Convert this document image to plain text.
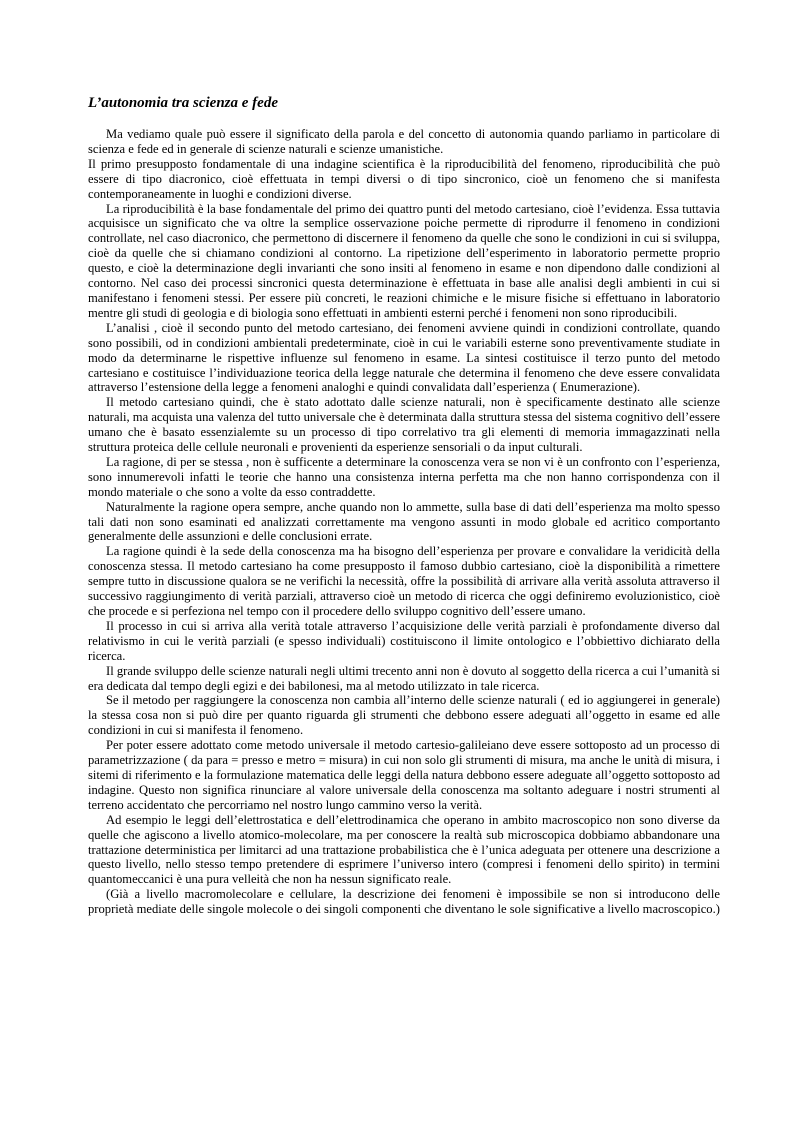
L’autonomia tra scienza e fede

Ma vediamo quale può essere il significato della parola e del concetto di autonomia quando parliamo in particolare di scienza e fede ed in generale di scienze naturali e scienze umanistiche.

Il primo presupposto fondamentale di una indagine scientifica è la riproducibilità del fenomeno, riproducibilità che può essere di tipo diacronico, cioè effettuata in tempi diversi o di tipo sincronico, cioè un fenomeno che si manifesta contemporaneamente in luoghi e condizioni diverse.

La riproducibilità è la base fondamentale del primo dei quattro punti del metodo cartesiano, cioè l’evidenza. Essa tuttavia acquisisce un significato che va oltre la semplice osservazione poiche permette di riprodurre il fenomeno in condizioni controllate, nel caso diacronico, che permettono di discernere il fenomeno da quelle che sono le condizioni in cui si sviluppa, cioè da quelle che si chiamano condizioni al contorno. La ripetizione dell’esperimento in laboratorio permette proprio questo, e cioè la determinazione degli invarianti che sono insiti al fenomeno in esame e non dipendono dalle condizioni al contorno. Nel caso dei processi sincronici questa determinazione è effettuata in base alle analisi degli ambienti in cui si manifestano i fenomeni stessi. Per essere più concreti, le reazioni chimiche e le misure fisiche si effettuano in laboratorio mentre gli studi di geologia e di biologia sono effettuati in ambienti esterni perché i fenomeni non sono riproducibili.

L’analisi , cioè il secondo punto del metodo cartesiano, dei fenomeni avviene quindi in condizioni controllate, quando sono possibili, od in condizioni ambientali predeterminate, cioè in cui le variabili esterne sono preventivamente studiate in modo da determinarne le rispettive influenze sul fenomeno in esame. La sintesi costituisce il terzo punto del metodo cartesiano e costituisce l’individuazione teorica della legge naturale che determina il fenomeno che deve essere convalidata attraverso l’estensione della legge a fenomeni analoghi e quindi convalidata dall’esperienza ( Enumerazione).

Il metodo cartesiano quindi, che è stato adottato dalle scienze naturali, non è specificamente destinato alle scienze naturali, ma acquista una valenza del tutto universale che è determinata dalla struttura stessa del sistema cognitivo dell’essere umano che è basato essenzialemte su un processo di tipo correlativo tra gli elementi di memoria immagazzinati nella struttura proteica delle cellule neuronali e provenienti da esperienze sensoriali o da input culturali.

La ragione, di per se stessa , non è sufficente a determinare la conoscenza vera se non vi è un confronto con l’esperienza, sono innumerevoli infatti le teorie che hanno una consistenza interna perfetta ma che non hanno corrispondenza con il mondo materiale o che sono a volte da esso contraddette.

Naturalmente la ragione opera sempre, anche quando non lo ammette, sulla base di dati dell’esperienza ma molto spesso tali dati non sono esaminati ed analizzati correttamente ma vengono assunti in modo globale ed acritico comportanto generalmente delle assunzioni e delle conclusioni errate.

La ragione quindi è la sede della conoscenza ma ha bisogno dell’esperienza per provare e convalidare la veridicità della conoscenza stessa. Il metodo cartesiano ha come presupposto il famoso dubbio cartesiano, cioè la disponibilità a rimettere sempre tutto in discussione qualora se ne verifichi la necessità, offre la possibilità di arrivare alla verità assoluta attraverso il successivo raggiungimento di verità parziali, attraverso cioè un metodo di ricerca che oggi definiremo evoluzionistico, cioè che procede e si perfeziona nel tempo con il procedere dello sviluppo cognitivo dell’essere umano.

Il processo in cui si arriva alla verità totale attraverso l’acquisizione delle verità parziali è profondamente diverso dal relativismo in cui le verità parziali (e spesso individuali) costituiscono il limite ontologico e l’obbiettivo dichiarato della ricerca.

Il grande sviluppo delle scienze naturali negli ultimi trecento anni non è dovuto al soggetto della ricerca a cui l’umanità si era dedicata dal tempo degli egizi e dei babilonesi, ma al metodo utilizzato in tale ricerca.

Se il metodo per raggiungere la conoscenza non cambia all’interno delle scienze naturali ( ed io aggiungerei in generale) la stessa cosa non si può dire per quanto riguarda gli strumenti che debbono essere adeguati all’oggetto in esame ed alle condizioni in cui si manifesta il fenomeno.

Per poter essere adottato come metodo universale il metodo cartesio-galileiano deve essere sottoposto ad un processo di parametrizzazione ( da para = presso e metro = misura) in cui non solo gli strumenti di misura, ma anche le unità di misura, i sitemi di riferimento e la formulazione matematica delle leggi della natura debbono essere adeguate all’oggetto sottoposto ad indagine. Questo non significa rinunciare al valore universale della conoscenza ma soltanto adeguare i nostri strumenti al terreno accidentato che percorriamo nel nostro lungo cammino verso la verità.

Ad esempio le leggi dell’elettrostatica e dell’elettrodinamica che operano in ambito macroscopico non sono diverse da quelle che agiscono a livello atomico-molecolare, ma per conoscere la realtà sub microscopica dobbiamo abbandonare una trattazione deterministica per limitarci ad una trattazione probabilistica che è l’unica adeguata per ottenere una descrizione a questo livello, nello stesso tempo pretendere di esprimere l’universo intero (compresi i fenomeni dello spirito) in termini quantomeccanici è una pura velleità che non ha nessun significato reale.

(Già a livello macromolecolare e cellulare, la descrizione dei fenomeni è impossibile se non si introducono delle proprietà mediate delle singole molecole o dei singoli componenti che diventano le sole significative a livello macroscopico.)
